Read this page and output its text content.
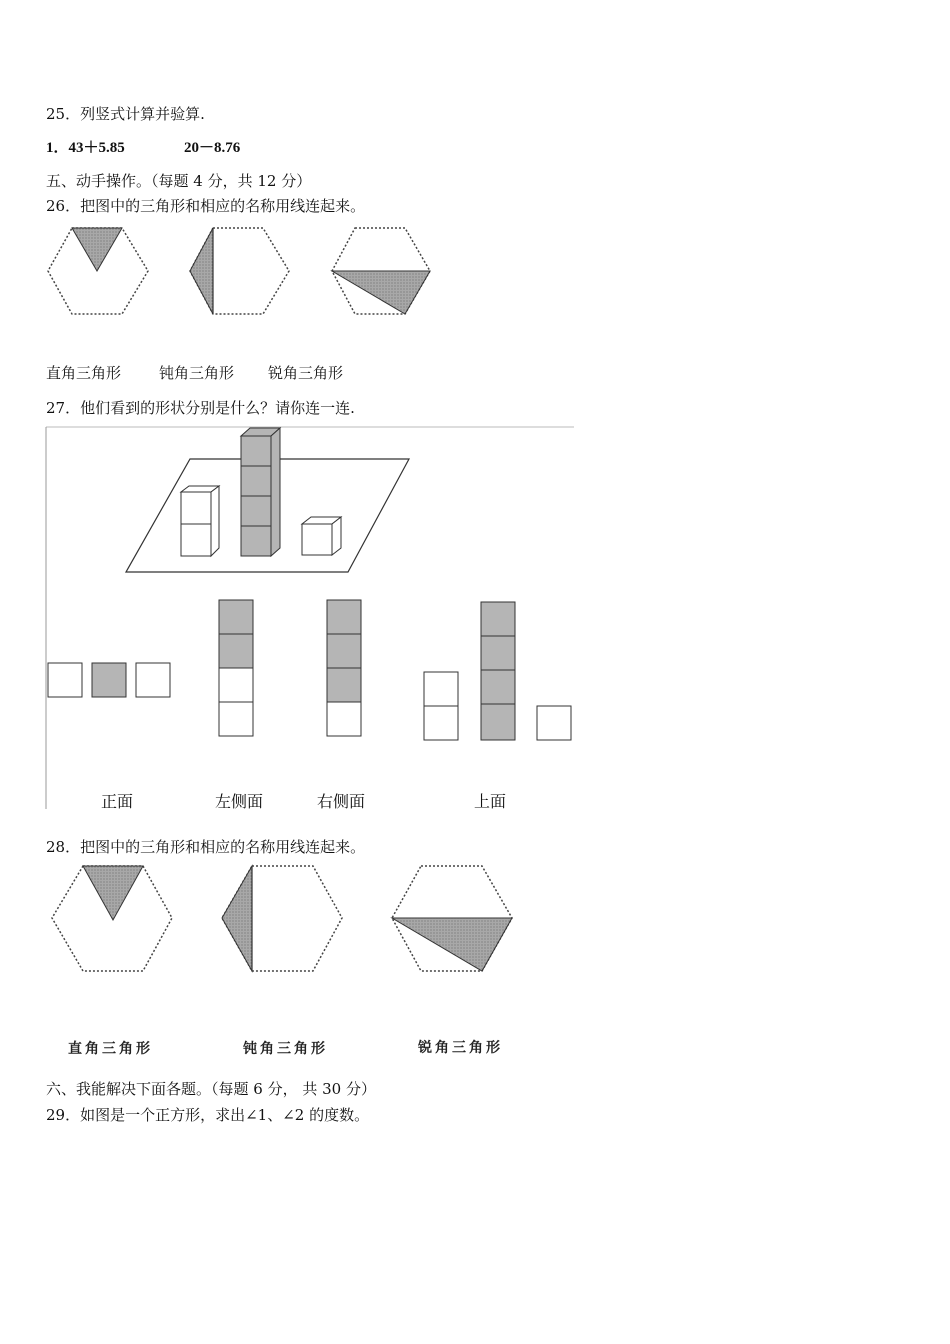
25．列竖式计算并验算.
1．43＋5.85	20－8.76
五、动手操作。（每题 4 分，共 12 分）
26．把图中的三角形和相应的名称用线连起来。
直角三角形	钝角三角形 锐角三角形
27．他们看到的形状分别是什么？请你连一连.
正面	左侧面	右侧面	上面
28．把图中的三角形和相应的名称用线连起来。
直角三角形	钝角三角形	锐角三角形
六、我能解决下面各题。（每题 6 分， 共 30 分）
29．如图是一个正方形，求出∠1、∠2 的度数。
